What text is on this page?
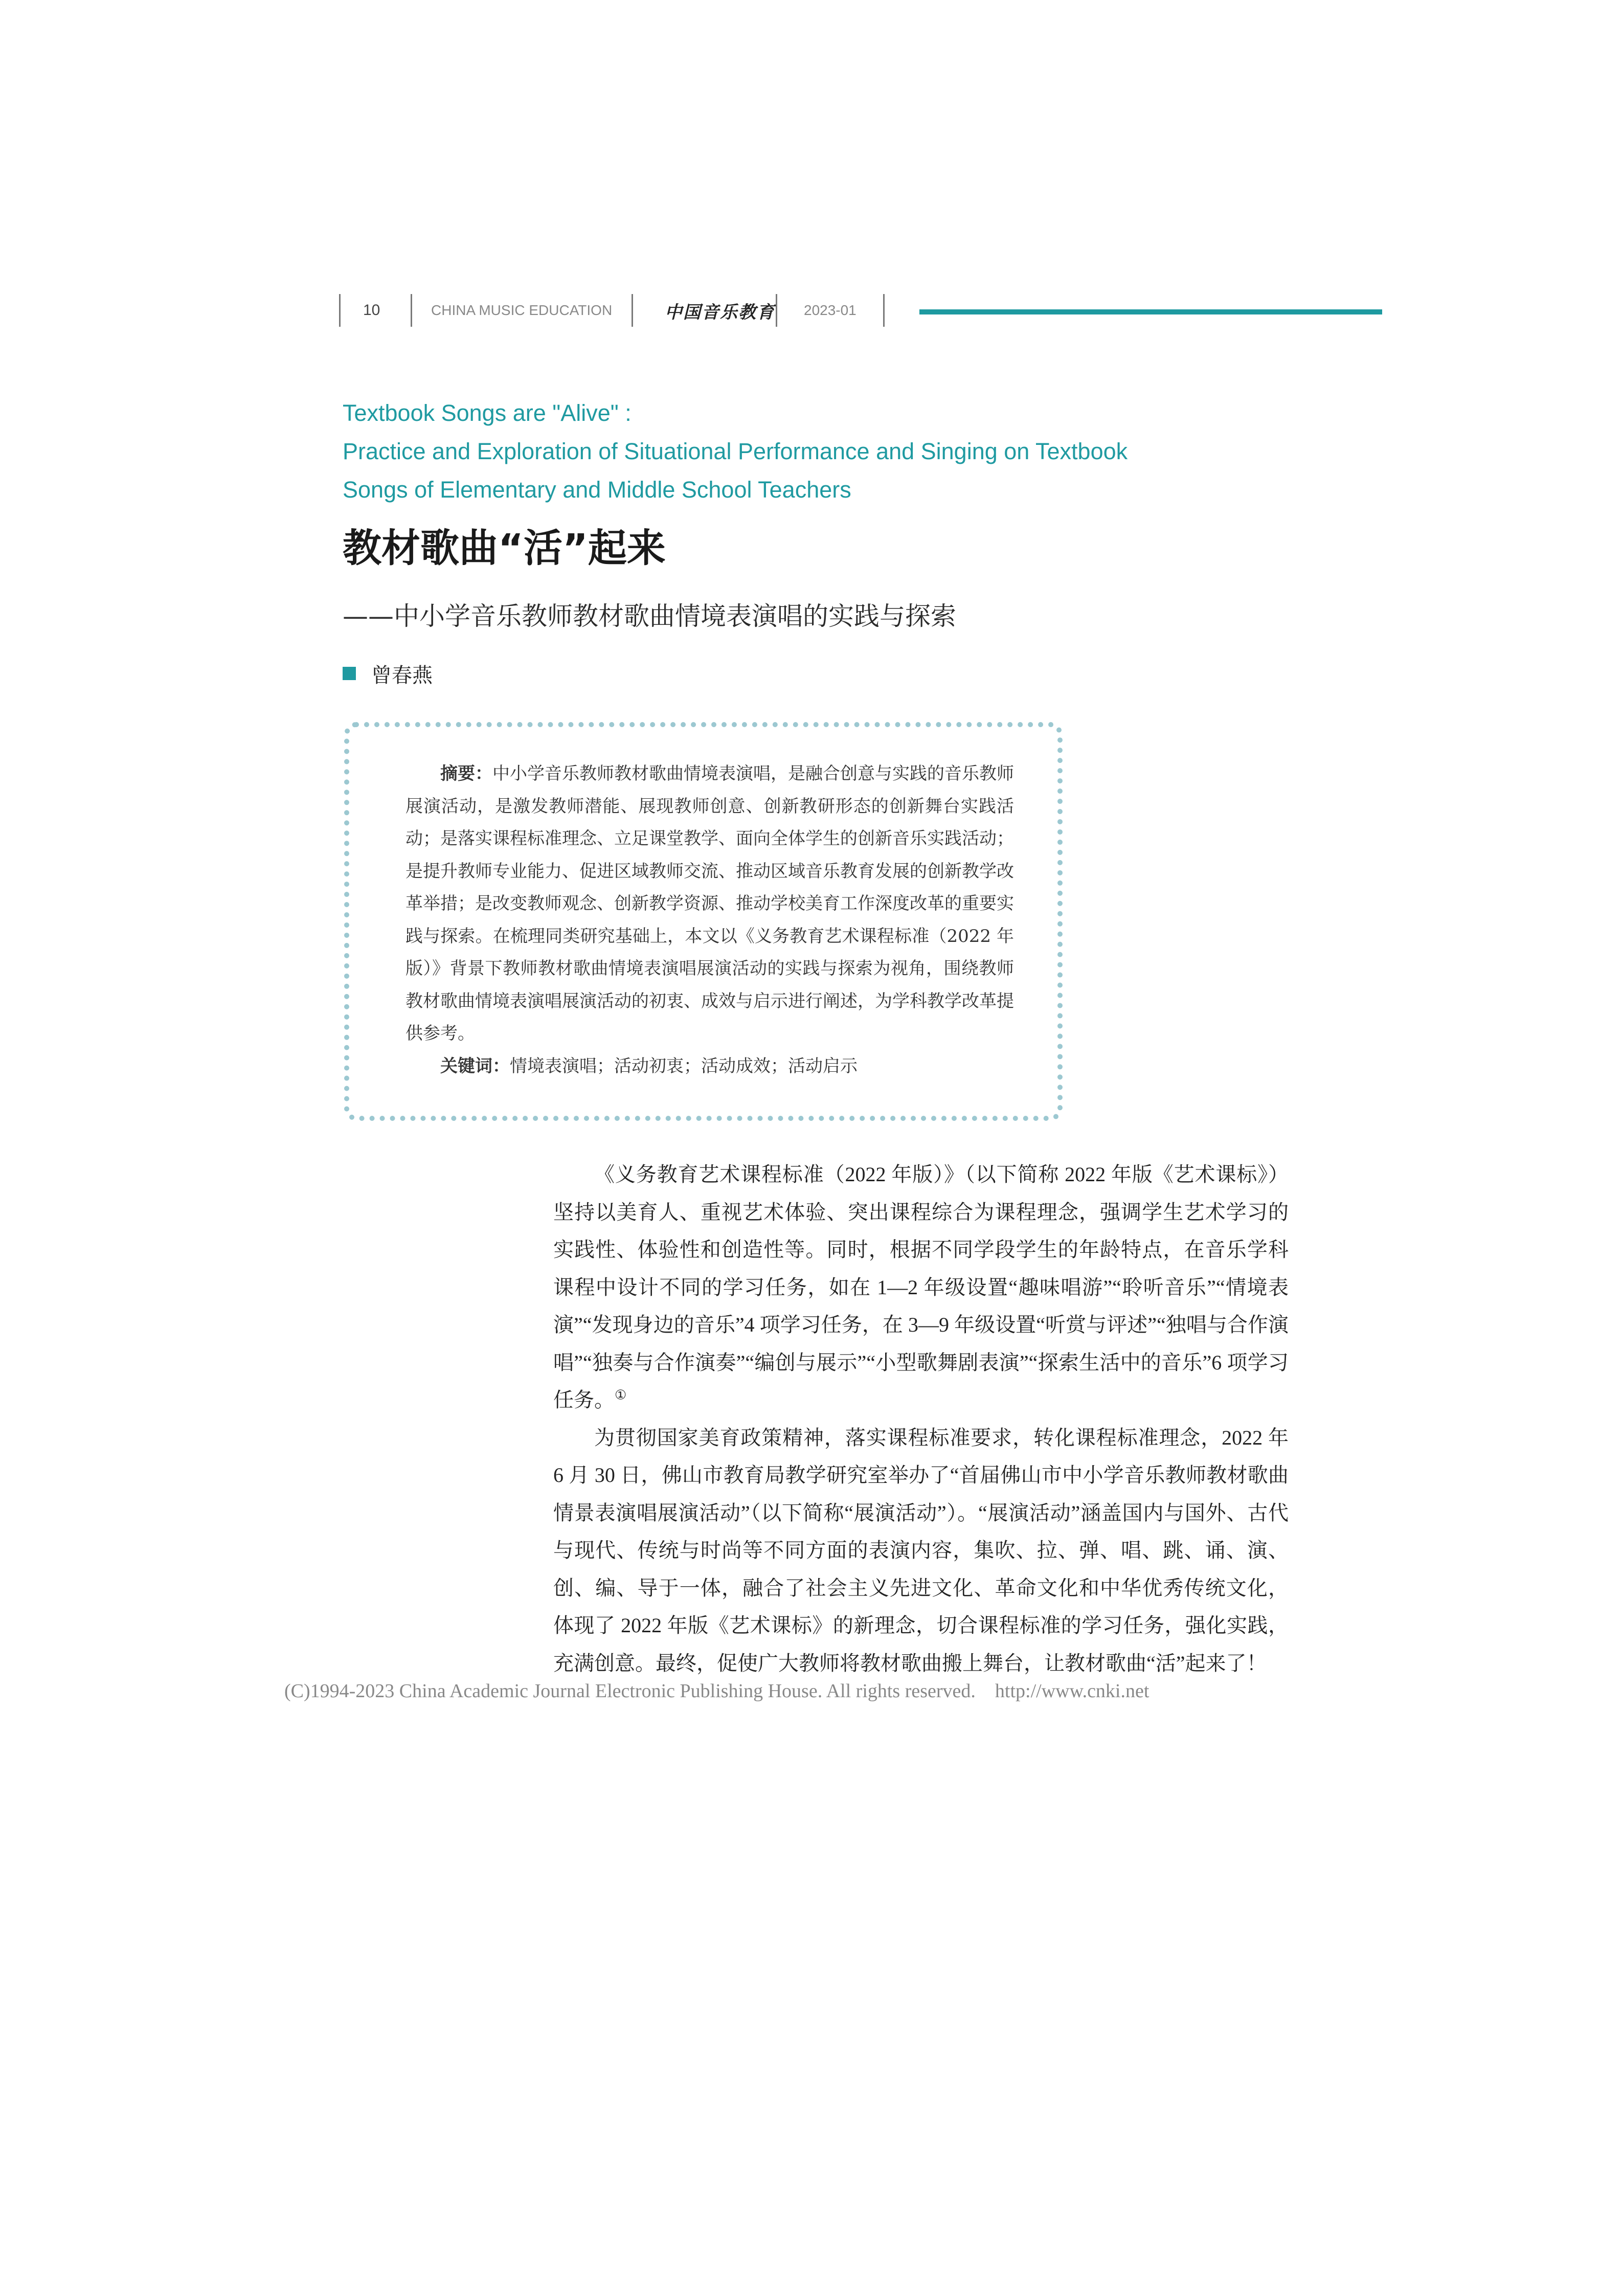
10	CHINA MUSIC EDUCATION	中国音乐教育 2023-01
Textbook Songs are "Alive" :
Practice and Exploration of Situational Performance and Singing on Textbook
Songs of Elementary and Middle School Teachers
教材歌曲“活”起来
——中小学音乐教师教材歌曲情境表演唱的实践与探索
曾春燕
摘要：中小学音乐教师教材歌曲情境表演唱，是融合创意与实践的音乐教师展演活动，是激发教师潜能、展现教师创意、创新教研形态的创新舞台实践活动；是落实课程标准理念、立足课堂教学、面向全体学生的创新音乐实践活动；是提升教师专业能力、促进区域教师交流、推动区域音乐教育发展的创新教学改革举措；是改变教师观念、创新教学资源、推动学校美育工作深度改革的重要实践与探索。在梳理同类研究基础上，本文以《义务教育艺术课程标准（2022 年版）》背景下教师教材歌曲情境表演唱展演活动的实践与探索为视角，围绕教师教材歌曲情境表演唱展演活动的初衷、成效与启示进行阐述，为学科教学改革提供参考。
关键词：情境表演唱；活动初衷；活动成效；活动启示

《义务教育艺术课程标准（2022 年版）》（以下简称 2022 年版《艺术课标》）坚持以美育人、重视艺术体验、突出课程综合为课程理念，强调学生艺术学习的实践性、体验性和创造性等。同时，根据不同学段学生的年龄特点，在音乐学科课程中设计不同的学习任务，如在 1—2 年级设置“趣味唱游”“聆听音乐”“情境表演”“发现身边的音乐”4 项学习任务，在 3—9 年级设置“听赏与评述”“独唱与合作演唱”“独奏与合作演奏”“编创与展示”“小型歌舞剧表演”“探索生活中的音乐”6 项学习任务。①

为贯彻国家美育政策精神，落实课程标准要求，转化课程标准理念，2022 年 6 月 30 日，佛山市教育局教学研究室举办了“首届佛山市中小学音乐教师教材歌曲情景表演唱展演活动”（以下简称“展演活动”）。“展演活动”涵盖国内与国外、古代与现代、传统与时尚等不同方面的表演内容，集吹、拉、弹、唱、跳、诵、演、创、编、导于一体，融合了社会主义先进文化、革命文化和中华优秀传统文化，体现了 2022 年版《艺术课标》的新理念，切合课程标准的学习任务，强化实践，充满创意。最终，促使广大教师将教材歌曲搬上舞台，让教材歌曲“活”起来了！

(C)1994-2023 China Academic Journal Electronic Publishing House. All rights reserved. http://www.cnki.net
